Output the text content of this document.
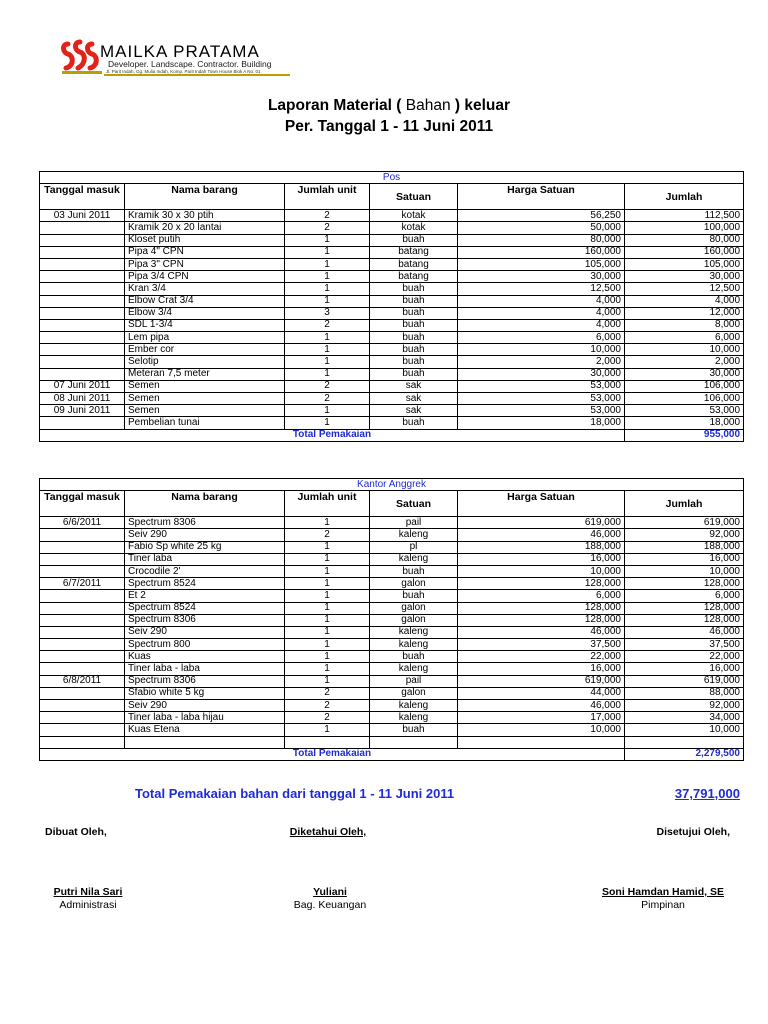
MAILKA PRATAMA
Developer. Landscape. Contractor. Building
Jl. Parit Indah, Gg. Mulia Indah, Komp. Parit Indah Town House Blok A No. 01
Laporan Material ( Bahan ) keluar
Per. Tanggal 1 - 11 Juni 2011
Pos					
Tanggal masuk	Nama barang	Jumlah unit	Satuan	Harga Satuan	Jumlah
03 Juni 2011	Kramik 30 x 30 ptih	2	kotak	56,250	112,500
	Kramik 20 x 20 lantai	2	kotak	50,000	100,000
	Kloset putih	1	buah	80,000	80,000
	Pipa 4" CPN	1	batang	160,000	160,000
	Pipa 3" CPN	1	batang	105,000	105,000
	Pipa 3/4 CPN	1	batang	30,000	30,000
	Kran 3/4	1	buah	12,500	12,500
	Elbow Crat 3/4	1	buah	4,000	4,000
	Elbow 3/4	3	buah	4,000	12,000
	SDL 1-3/4	2	buah	4,000	8,000
	Lem pipa	1	buah	6,000	6,000
	Ember cor	1	buah	10,000	10,000
	Selotip	1	buah	2,000	2,000
	Meteran 7,5 meter	1	buah	30,000	30,000
07 Juni 2011	Semen	2	sak	53,000	106,000
08 Juni 2011	Semen	2	sak	53,000	106,000
09 Juni 2011	Semen	1	sak	53,000	53,000
	Pembelian tunai	1	buah	18,000	18,000
Total Pemakaian					955,000
Kantor Anggrek					
Tanggal masuk	Nama barang	Jumlah unit	Satuan	Harga Satuan	Jumlah
6/6/2011	Spectrum 8306	1	pail	619,000	619,000
	Seiv 290	2	kaleng	46,000	92,000
	Fabio Sp white 25 kg	1	pl	188,000	188,000
	Tiner laba	1	kaleng	16,000	16,000
	Crocodile 2'	1	buah	10,000	10,000
6/7/2011	Spectrum 8524	1	galon	128,000	128,000
	Et 2	1	buah	6,000	6,000
	Spectrum 8524	1	galon	128,000	128,000
	Spectrum 8306	1	galon	128,000	128,000
	Seiv 290	1	kaleng	46,000	46,000
	Spectrum 800	1	kaleng	37,500	37,500
	Kuas	1	buah	22,000	22,000
	Tiner laba - laba	1	kaleng	16,000	16,000
6/8/2011	Spectrum 8306	1	pail	619,000	619,000
	Sfabio white 5 kg	2	galon	44,000	88,000
	Seiv 290	2	kaleng	46,000	92,000
	Tiner laba - laba hijau	2	kaleng	17,000	34,000
	Kuas Etena	1	buah	10,000	10,000

Total Pemakaian					2,279,500
Total Pemakaian bahan dari tanggal 1 - 11 Juni 2011	37,791,000
Dibuat Oleh,	Diketahui Oleh,	Disetujui Oleh,
Putri Nila Sari	Yuliani	Soni Hamdan Hamid, SE
Administrasi	Bag. Keuangan	Pimpinan
